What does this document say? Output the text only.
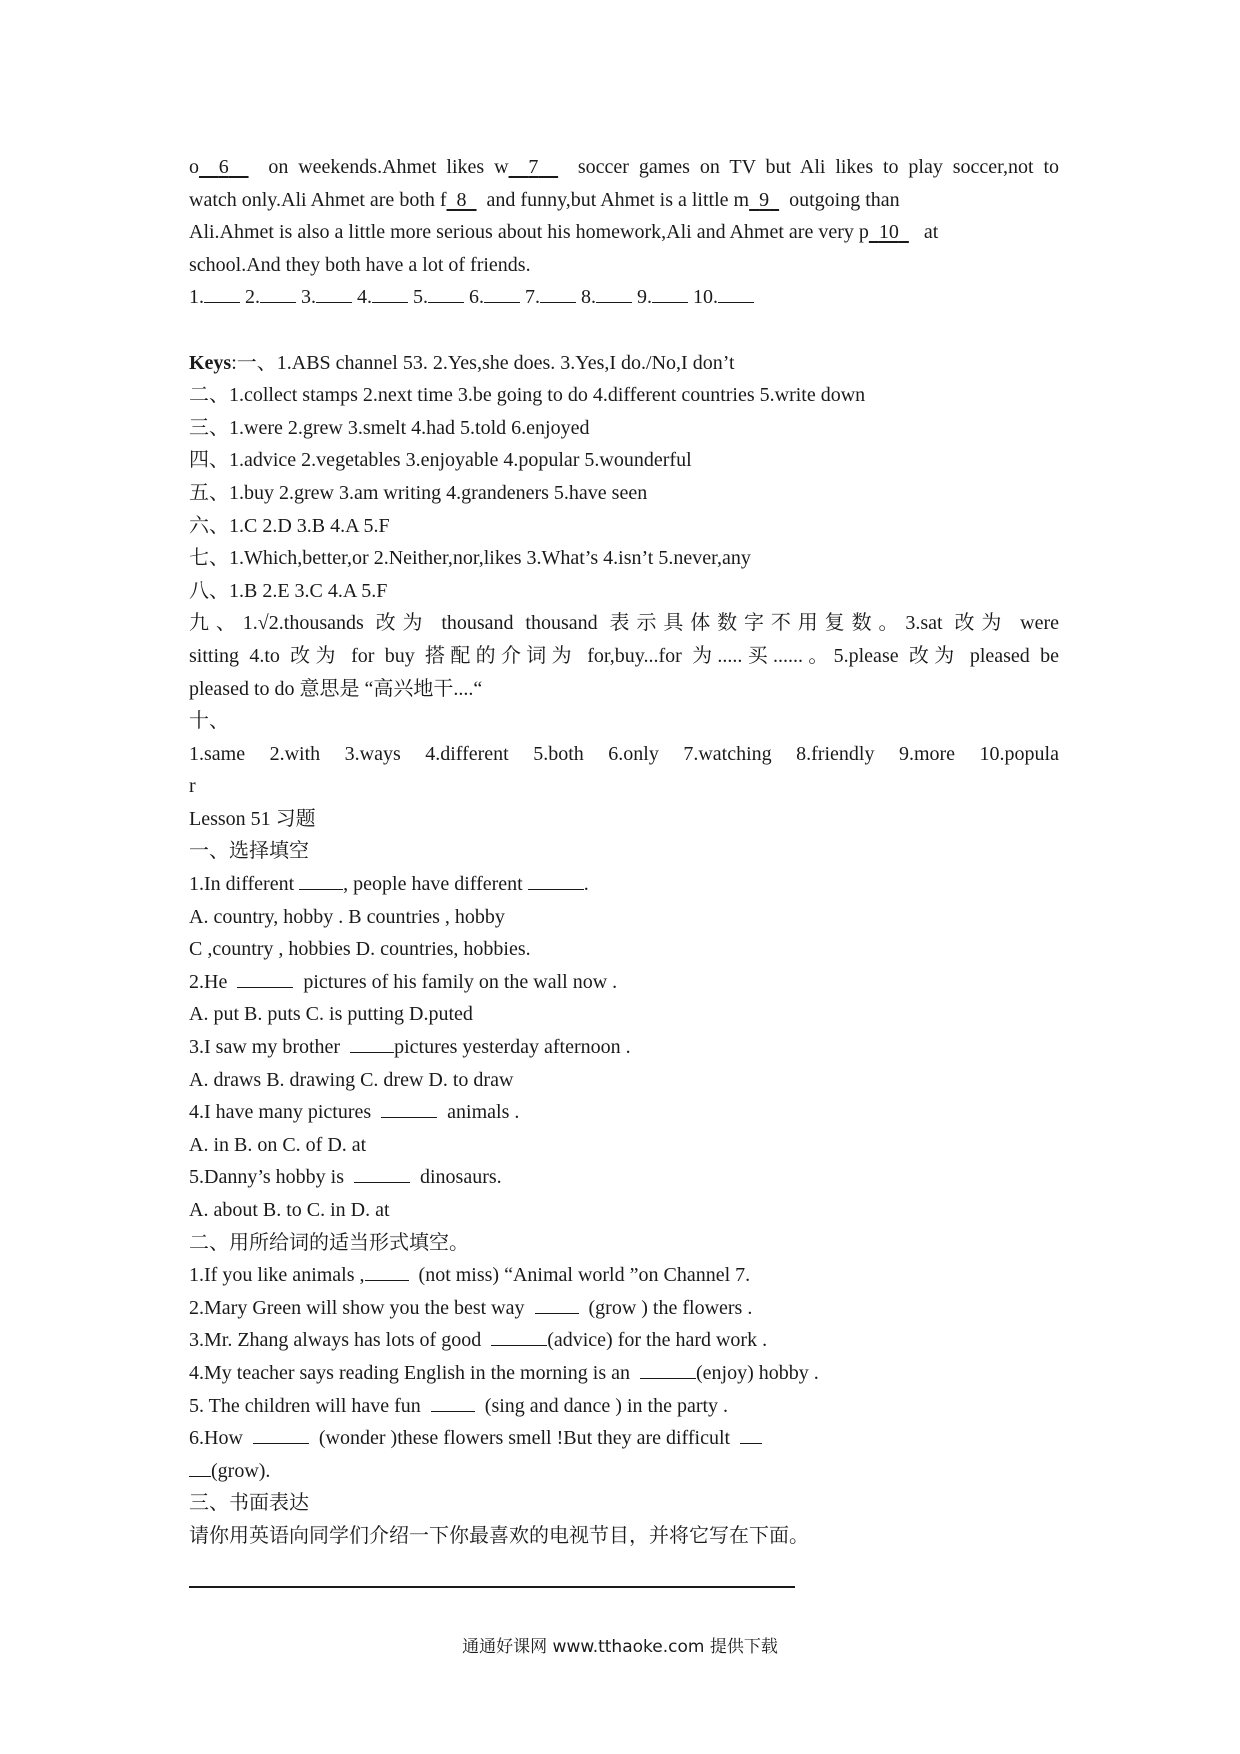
o 6 on weekends.Ahmet likes w 7 soccer games on TV but Ali likes to play soccer,not to
watch only.Ali Ahmet are both f 8 and funny,but Ahmet is a little m 9 outgoing than
Ali.Ahmet is also a little more serious about his homework,Ali and Ahmet are very p 10 at
school.And they both have a lot of friends.
1. 2. 3. 4. 5. 6. 7. 8. 9. 10.
Keys:一、1.ABS channel 53. 2.Yes,she does. 3.Yes,I do./No,I don’t
二、1.collect stamps 2.next time 3.be going to do 4.different countries 5.write down
三、1.were 2.grew 3.smelt 4.had 5.told 6.enjoyed
四、1.advice 2.vegetables 3.enjoyable 4.popular 5.wounderful
五、1.buy 2.grew 3.am writing 4.grandeners 5.have seen
六、1.C 2.D 3.B 4.A 5.F
七、1.Which,better,or 2.Neither,nor,likes 3.What’s 4.isn’t 5.never,any
八、1.B 2.E 3.C 4.A 5.F
九、1.√2.thousands 改为 thousand thousand 表示具体数字不用复数。3.sat 改为 were
sitting 4.to 改为 for buy 搭配的介词为 for,buy...for 为.....买......。5.please 改为 pleased be
pleased to do 意思是 “高兴地干....“
十、
1.same 2.with 3.ways 4.different 5.both 6.only 7.watching 8.friendly 9.more 10.popula
r
Lesson 51 习题
一、选择填空
1.In different , people have different	.
A. country, hobby . B countries , hobby
C ,country , hobbies D. countries, hobbies.
2.He	pictures of his family on the wall now .
A. put B. puts C. is putting D.puted
3.I saw my brother	pictures yesterday afternoon .
A. draws B. drawing C. drew D. to draw
4.I have many pictures	animals .
A. in B. on C. of D. at
5.Danny’s hobby is	dinosaurs.
A. about B. to C. in D. at
二、用所给词的适当形式填空。
1.If you like animals ,	(not miss) “Animal world ”on Channel 7.
2.Mary Green will show you the best way	(grow ) the flowers .
3.Mr. Zhang always has lots of good	(advice) for the hard work .
4.My teacher says reading English in the morning is an	(enjoy) hobby .
5. The children will have fun	(sing and dance ) in the party .
6.How	(wonder )these flowers smell !But they are difficult
(grow).
三、书面表达
请你用英语向同学们介绍一下你最喜欢的电视节目，并将它写在下面。
通通好课网 www.tthaoke.com 提供下载
